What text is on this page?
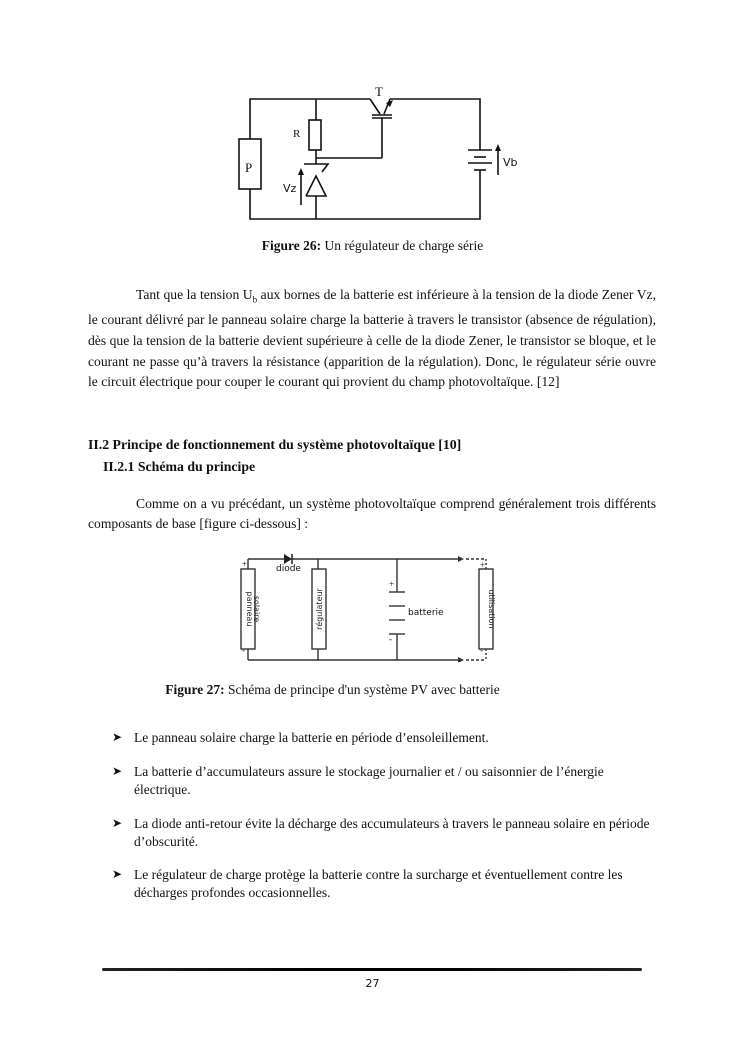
T
R
P
Vz
Vb
Figure 26: Un régulateur de charge série
Tant que la tension $U_b$ aux bornes de la batterie est inférieure à la tension de la diode Zener Vz, le courant délivré par le panneau solaire charge la batterie à travers le transistor (absence de régulation), dès que la tension de la batterie devient supérieure à celle de la diode Zener, le transistor se bloque, et le courant ne passe qu’à travers la résistance (apparition de la régulation). Donc, le régulateur série ouvre le circuit électrique pour couper le courant qui provient du champ photovoltaïque. [12]
II.2 Principe de fonctionnement du système photovoltaïque [10]
II.2.1 Schéma du principe
Comme on a vu précédant, un système photovoltaïque comprend généralement trois différents composants de base [figure ci-dessous] :
panneau
solaire	régulateur	utilisation
diode
batterie
+
-
+
-
+
-
Figure 27: Schéma de principe d'un système PV avec batterie
➤ Le panneau solaire charge la batterie en période d’ensoleillement.
➤ La batterie d’accumulateurs assure le stockage journalier et / ou saisonnier de l’énergie électrique.
➤ La diode anti-retour évite la décharge des accumulateurs à travers le panneau solaire en période d’obscurité.
➤ Le régulateur de charge protège la batterie contre la surcharge et éventuellement contre les décharges profondes occasionnelles.
27
